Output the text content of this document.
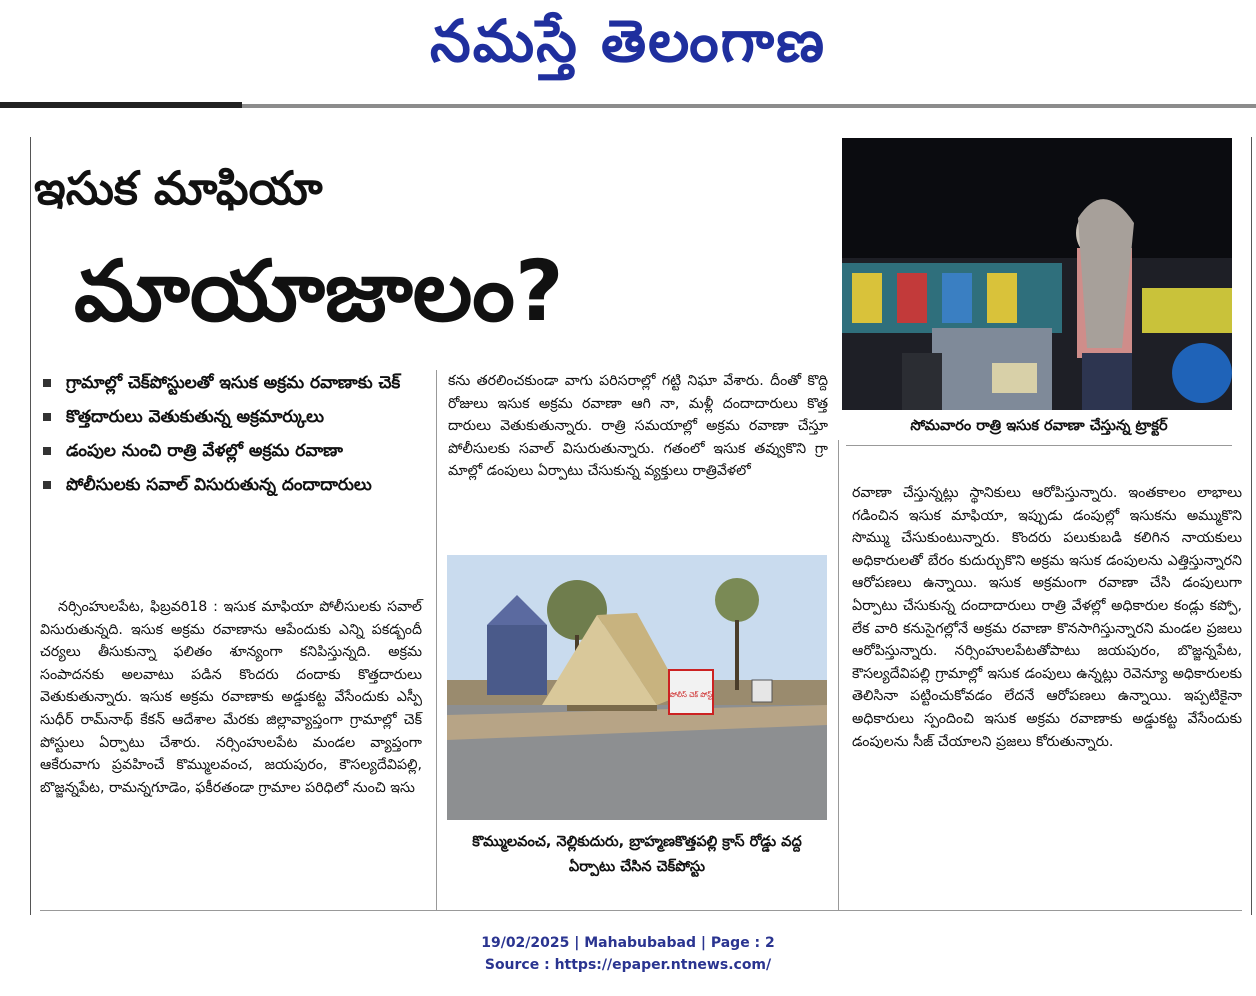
నమస్తే తెలంగాణ
ఇసుక మాఫియా
మాయాజాలం?
గ్రామాల్లో చెక్‌పోస్టులతో ఇసుక అక్రమ రవాణాకు చెక్
కొత్తదారులు వెతుకుతున్న అక్రమార్కులు
డంపుల నుంచి రాత్రి వేళల్లో అక్రమ రవాణా
పోలీసులకు సవాల్ విసురుతున్న దందాదారులు

నర్సింహులపేట, ఫిబ్రవరి18 : ఇసుక మాఫియా పోలీసులకు సవాల్ విసురుతున్నది. ఇసుక అక్రమ రవాణాను ఆపేందుకు ఎన్ని పకడ్బందీ చర్యలు తీసుకున్నా ఫలితం శూన్యంగా కనిపిస్తున్నది. అక్రమ సంపాదనకు అలవాటు పడిన కొందరు దందాకు కొత్తదారులు వెతుకుతున్నారు. ఇసుక అక్రమ రవాణాకు అడ్డుకట్ట వేసేందుకు ఎస్పీ సుధీర్ రామ్‌నాథ్ కేకన్ ఆదేశాల మేరకు జిల్లావ్యాప్తంగా గ్రామాల్లో చెక్ పోస్టులు ఏర్పాటు చేశారు. నర్సింహులపేట మండల వ్యాప్తంగా ఆకేరువాగు ప్రవహించే కొమ్ములవంచ, జయపురం, కౌసల్యదేవిపల్లి, బొజ్జన్నపేట, రామన్నగూడెం, ఫకీరతండా గ్రామాల పరిధిలో నుంచి ఇసు

కను తరలించకుండా వాగు పరిసరాల్లో గట్టి నిఘా వేశారు. దీంతో కొద్ది రోజులు ఇసుక అక్రమ రవాణా ఆగి నా, మళ్లీ దందాదారులు కొత్త దారులు వెతుకుతున్నారు. రాత్రి సమయాల్లో అక్రమ రవాణా చేస్తూ పోలీసులకు సవాల్ విసురుతున్నారు. గతంలో ఇసుక తవ్వుకొని గ్రా మాల్లో డంపులు ఏర్పాటు చేసుకున్న వ్యక్తులు రాత్రివేళలో

పోలీస్ చెక్ పోస్ట్
కొమ్ములవంచ, నెల్లికుదురు, బ్రాహ్మణకొత్తపల్లి క్రాస్ రోడ్డు వద్ద ఏర్పాటు చేసిన చెక్‌పోస్టు
సోమవారం రాత్రి ఇసుక రవాణా చేస్తున్న ట్రాక్టర్

రవాణా చేస్తున్నట్లు స్థానికులు ఆరోపిస్తున్నారు. ఇంతకాలం లాభాలు గడించిన ఇసుక మాఫియా, ఇప్పుడు డంపుల్లో ఇసుకను అమ్ముకొని సొమ్ము చేసుకుంటున్నారు. కొందరు పలుకుబడి కలిగిన నాయకులు అధికారులతో బేరం కుదుర్చుకొని అక్రమ ఇసుక డంపులను ఎత్తిస్తున్నారని ఆరోపణలు ఉన్నాయి. ఇసుక అక్రమంగా రవాణా చేసి డంపులుగా ఏర్పాటు చేసుకున్న దందాదారులు రాత్రి వేళల్లో అధికారుల కండ్లు కప్పో, లేక వారి కనుసైగల్లోనే అక్రమ రవాణా కొనసాగిస్తున్నారని మండల ప్రజలు ఆరోపిస్తున్నారు. నర్సింహులపేటతోపాటు జయపురం, బొజ్జన్నపేట, కౌసల్యదేవిపల్లి గ్రామాల్లో ఇసుక డంపులు ఉన్నట్లు రెవెన్యూ అధికారులకు తెలిసినా పట్టించుకోవడం లేదనే ఆరోపణలు ఉన్నాయి. ఇప్పటికైనా అధికారులు స్పందించి ఇసుక అక్రమ రవాణాకు అడ్డుకట్ట వేసేందుకు డంపులను సీజ్ చేయాలని ప్రజలు కోరుతున్నారు.

19/02/2025 | Mahabubabad | Page : 2
Source : https://epaper.ntnews.com/
